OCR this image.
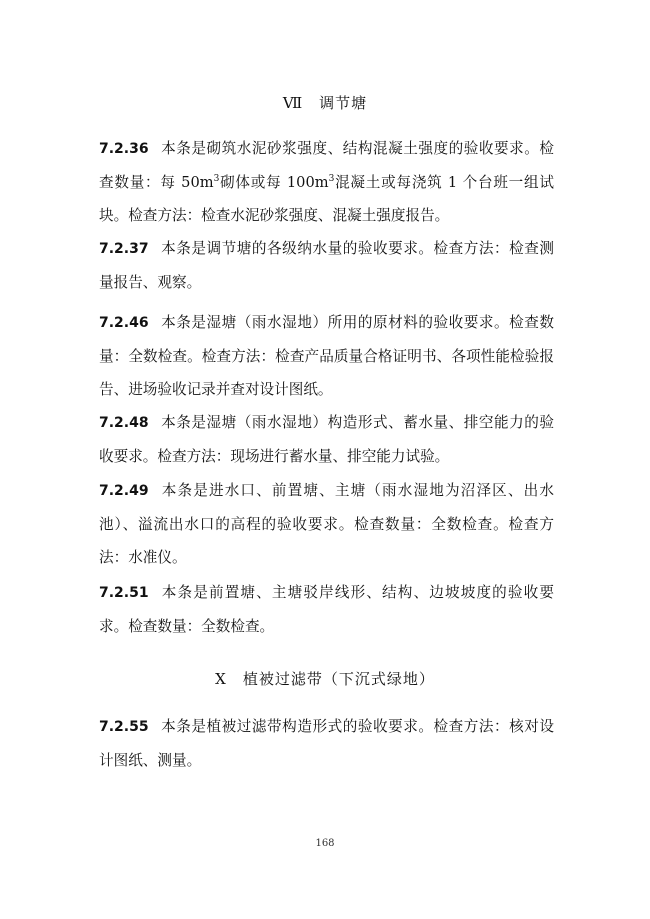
Ⅶ　调节塘
7.2.36 本条是砌筑水泥砂浆强度、结构混凝土强度的验收要求。检查数量：每 $50m^3$砌体或每 $100m^3$混凝土或每浇筑 1 个台班一组试块。检查方法：检查水泥砂浆强度、混凝土强度报告。
7.2.37 本条是调节塘的各级纳水量的验收要求。检查方法：检查测量报告、观察。
7.2.46 本条是湿塘（雨水湿地）所用的原材料的验收要求。检查数量：全数检查。检查方法：检查产品质量合格证明书、各项性能检验报告、进场验收记录并查对设计图纸。
7.2.48 本条是湿塘（雨水湿地）构造形式、蓄水量、排空能力的验收要求。检查方法：现场进行蓄水量、排空能力试验。
7.2.49 本条是进水口、前置塘、主塘（雨水湿地为沼泽区、出水池）、溢流出水口的高程的验收要求。检查数量：全数检查。检查方法：水准仪。
7.2.51 本条是前置塘、主塘驳岸线形、结构、边坡坡度的验收要求。检查数量：全数检查。
Ⅹ　植被过滤带（下沉式绿地）
7.2.55 本条是植被过滤带构造形式的验收要求。检查方法：核对设计图纸、测量。
168
